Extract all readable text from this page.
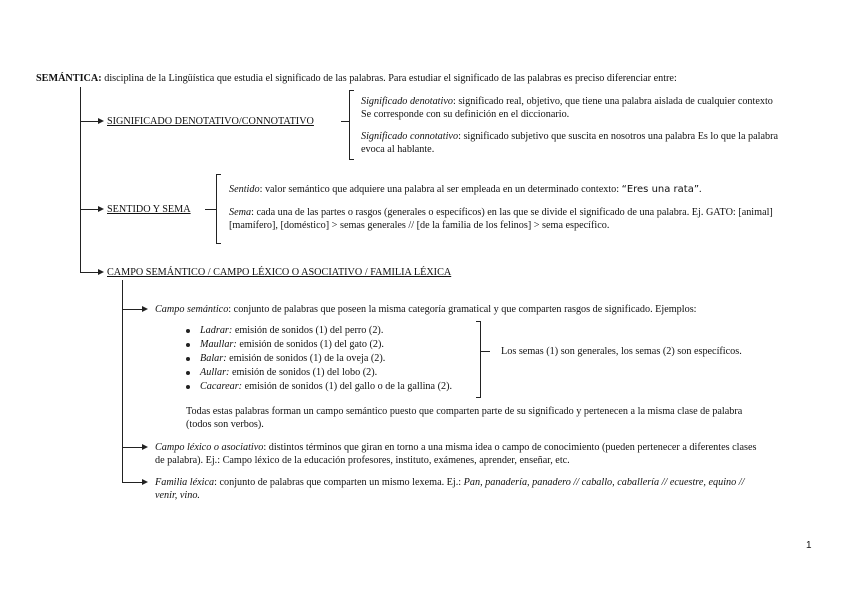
SEMÁNTICA: disciplina de la Lingüística que estudia el significado de las palabras. Para estudiar el significado de las palabras es preciso diferenciar entre:
SIGNIFICADO DENOTATIVO/CONNOTATIVO
Significado denotativo: significado real, objetivo, que tiene una palabra aislada de cualquier contexto
Se corresponde con su definición en el diccionario.
Significado connotativo: significado subjetivo que suscita en nosotros una palabra Es lo que la palabra
evoca al hablante.
SENTIDO Y SEMA
Sentido: valor semántico que adquiere una palabra al ser empleada en un determinado contexto: “Eres una rata”.
Sema: cada una de las partes o rasgos (generales o específicos) en las que se divide el significado de una palabra. Ej. GATO: [animal]
[mamífero], [doméstico] > semas generales // [de la familia de los felinos] > sema específico.
CAMPO SEMÁNTICO / CAMPO LÉXICO O ASOCIATIVO / FAMILIA LÉXICA
Campo semántico: conjunto de palabras que poseen la misma categoría gramatical y que comparten rasgos de significado. Ejemplos:
Ladrar: emisión de sonidos (1) del perro (2).
Maullar: emisión de sonidos (1) del gato (2).
Balar: emisión de sonidos (1) de la oveja (2).
Aullar: emisión de sonidos (1) del lobo (2).
Cacarear: emisión de sonidos (1) del gallo o de la gallina (2).
Los semas (1) son generales, los semas (2) son específicos.
Todas estas palabras forman un campo semántico puesto que comparten parte de su significado y pertenecen a la misma clase de palabra
(todos son verbos).
Campo léxico o asociativo: distintos términos que giran en torno a una misma idea o campo de conocimiento (pueden pertenecer a diferentes clases
de palabra). Ej.: Campo léxico de la educación profesores, instituto, exámenes, aprender, enseñar, etc.
Familia léxica: conjunto de palabras que comparten un mismo lexema. Ej.: Pan, panadería, panadero // caballo, caballería // ecuestre, equino //
venir, vino.
1
